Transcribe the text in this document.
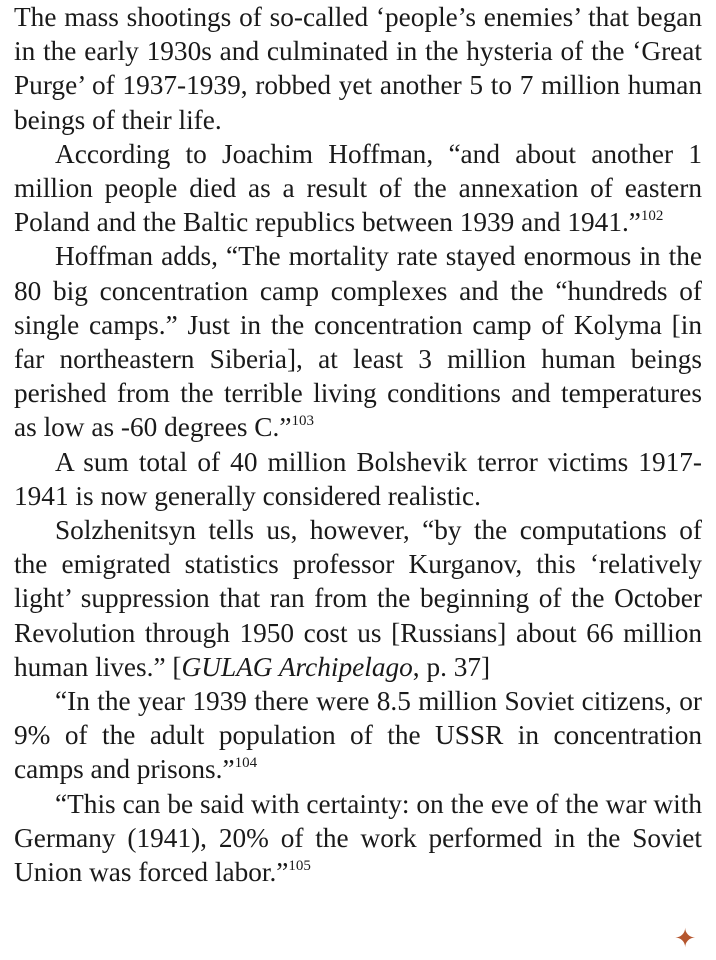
The mass shootings of so-called ‘people’s enemies’ that began in the early 1930s and culminated in the hysteria of the ‘Great Purge’ of 1937-1939, robbed yet another 5 to 7 million human beings of their life.

According to Joachim Hoffman, “and about another 1 million people died as a result of the annexation of eastern Poland and the Baltic republics between 1939 and 1941.”$^{102}$

Hoffman adds, “The mortality rate stayed enormous in the 80 big concentration camp complexes and the “hundreds of single camps.” Just in the concentration camp of Kolyma [in far northeastern Siberia], at least 3 million human beings perished from the terrible living conditions and temperatures as low as -60 degrees C.”$^{103}$

A sum total of 40 million Bolshevik terror victims 1917-1941 is now generally considered realistic.

Solzhenitsyn tells us, however, “by the computations of the emigrated statistics professor Kurganov, this ‘relatively light’ suppression that ran from the beginning of the October Revolution through 1950 cost us [Russians] about 66 million human lives.” [GULAG Archipelago, p. 37]

“In the year 1939 there were 8.5 million Soviet citizens, or 9% of the adult population of the USSR in concentration camps and prisons.”$^{104}$

“This can be said with certainty: on the eve of the war with Germany (1941), 20% of the work performed in the Soviet Union was forced labor.”$^{105}$

✦
